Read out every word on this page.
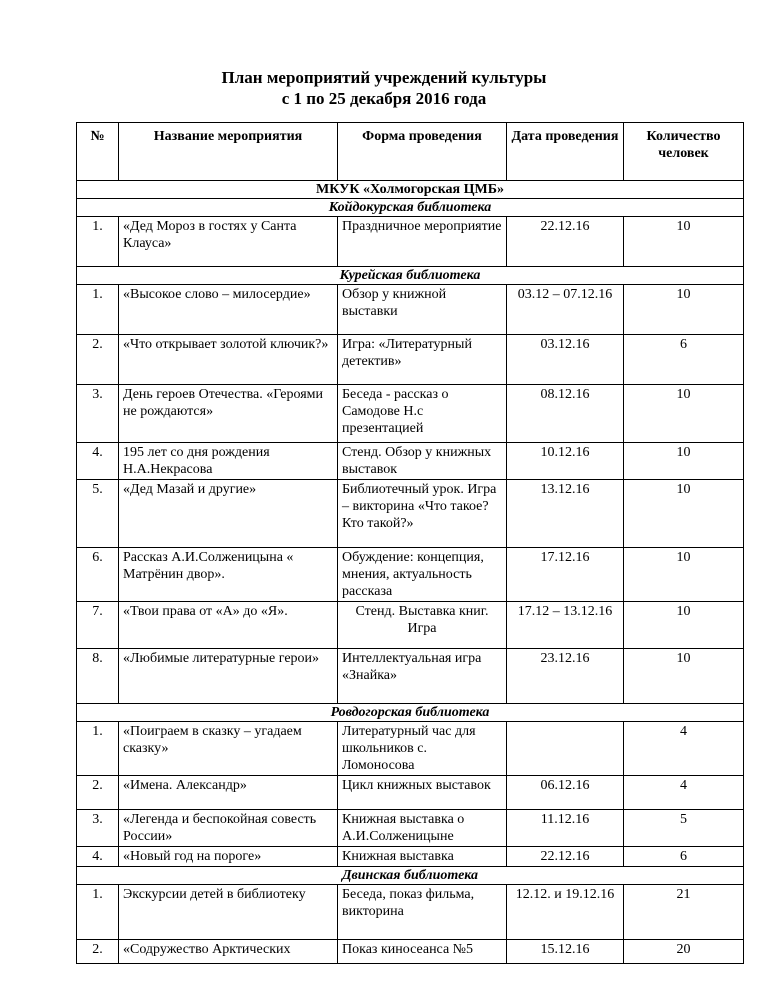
План мероприятий учреждений культуры
с 1 по 25 декабря 2016 года
№	Название мероприятия	Форма проведения	Дата проведения	Количество человек
МКУК «Холмогорская ЦМБ»				
Койдокурская библиотека				
1.	«Дед Мороз в гостях у Санта Клауса»	Праздничное мероприятие	22.12.16	10
Курейская библиотека				
1.	«Высокое слово – милосердие»	Обзор у книжной выставки	03.12 – 07.12.16	10
2.	«Что открывает золотой ключик?»	Игра: «Литературный детектив»	03.12.16	6
3.	День героев Отечества. «Героями не рождаются»	Беседа - рассказ о Самодове Н.с презентацией	08.12.16	10
4.	195 лет со дня рождения Н.А.Некрасова	Стенд. Обзор у книжных выставок	10.12.16	10
5.	«Дед Мазай и другие»	Библиотечный урок. Игра – викторина «Что такое? Кто такой?»	13.12.16	10
6.	Рассказ А.И.Солженицына « Матрёнин двор».	Обуждение: концепция, мнения, актуальность рассказа	17.12.16	10
7.	«Твои права от «А» до «Я».	Стенд. Выставка книг. Игра	17.12 – 13.12.16	10
8.	«Любимые литературные герои»	Интеллектуальная игра «Знайка»	23.12.16	10
Ровдогорская библиотека				
1.	«Поиграем в сказку – угадаем сказку»	Литературный час для школьников с. Ломоносова		4
2.	«Имена. Александр»	Цикл книжных выставок	06.12.16	4
3.	«Легенда и беспокойная совесть России»	Книжная выставка о А.И.Солженицыне	11.12.16	5
4.	«Новый год на пороге»	Книжная выставка	22.12.16	6
Двинская библиотека				
1.	Экскурсии детей в библиотеку	Беседа, показ фильма, викторина	12.12. и 19.12.16	21
2.	«Содружество Арктических	Показ киносеанса №5	15.12.16	20
